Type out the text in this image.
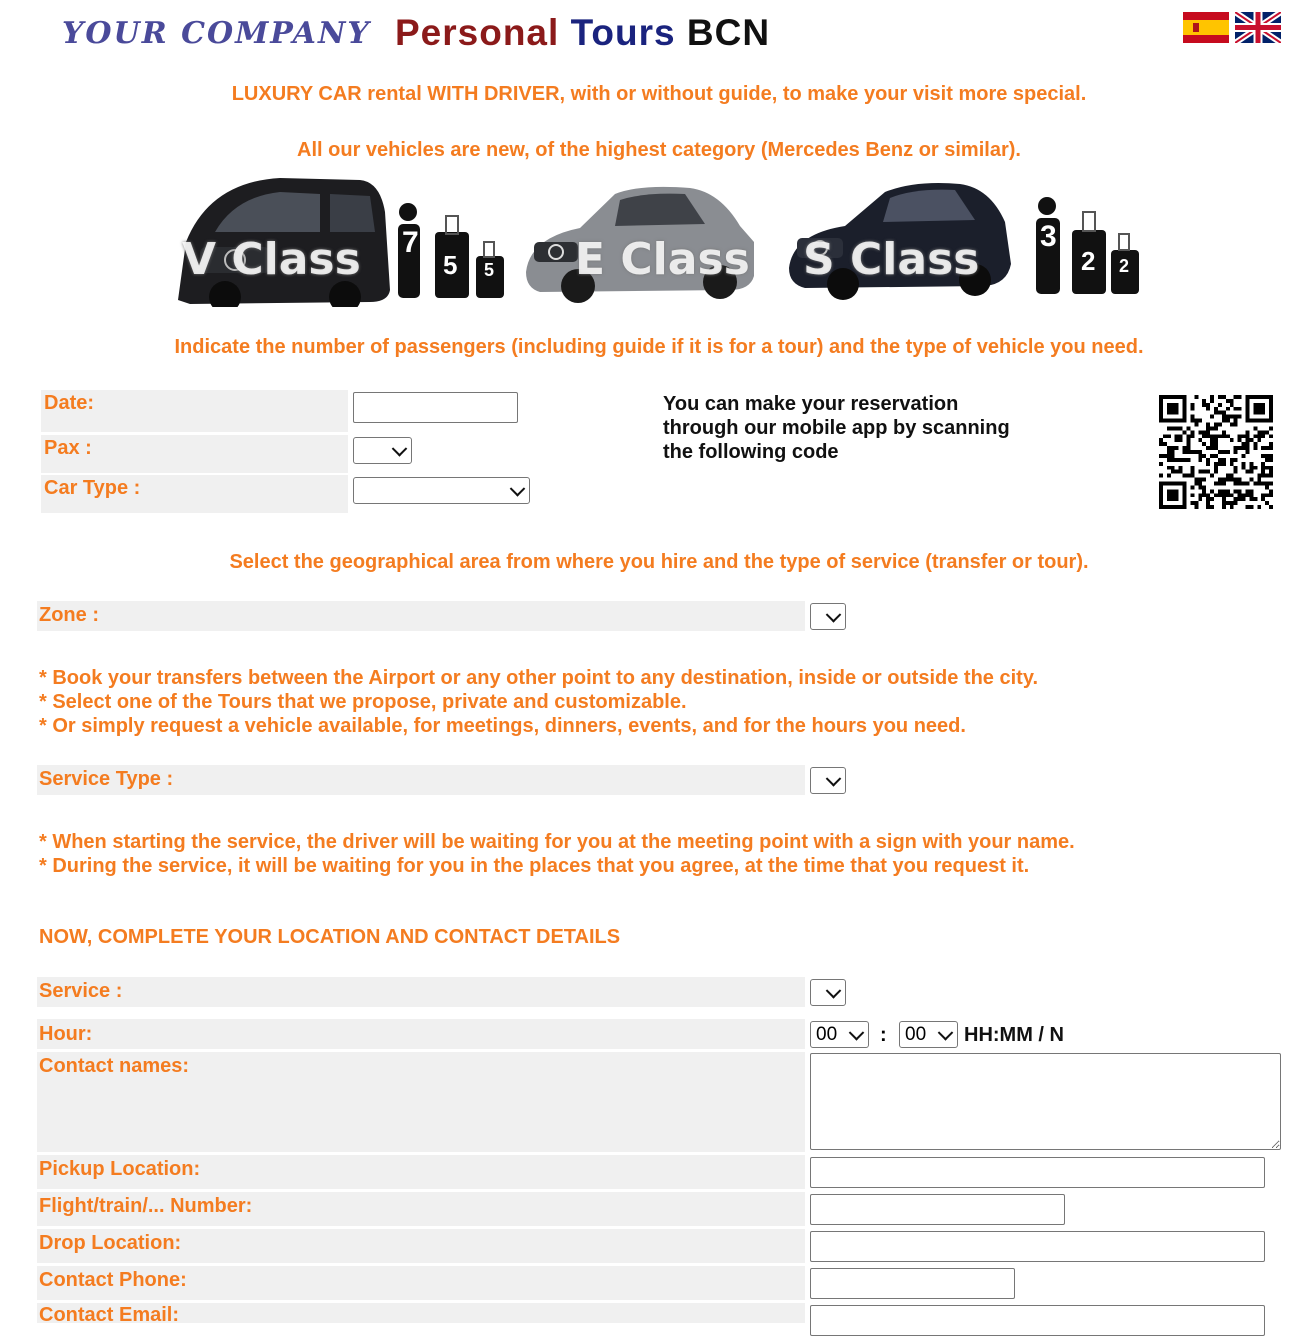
YOUR COMPANY Personal Tours BCN
LUXURY CAR rental WITH DRIVER, with or without guide, to make your visit more special.
All our vehicles are new, of the highest category (Mercedes Benz or similar).
V Class 7
5 5 E Class S Class 3
2 2
Indicate the number of passengers (including guide if it is for a tour) and the type of vehicle you need.
Date:
Pax :
Car Type :
You can make your reservation
through our mobile app by scanning
the following code
Select the geographical area from where you hire and the type of service (transfer or tour).
Zone :
* Book your transfers between the Airport or any other point to any destination, inside or outside the city.
* Select one of the Tours that we propose, private and customizable.
* Or simply request a vehicle available, for meetings, dinners, events, and for the hours you need.
Service Type :
* When starting the service, the driver will be waiting for you at the meeting point with a sign with your name.
* During the service, it will be waiting for you in the places that you agree, at the time that you request it.
NOW, COMPLETE YOUR LOCATION AND CONTACT DETAILS
Service :
Hour:	00 : 00 HH:MM / N
Contact names:
Pickup Location:
Flight/train/... Number:
Drop Location:
Contact Phone:
Contact Email:
